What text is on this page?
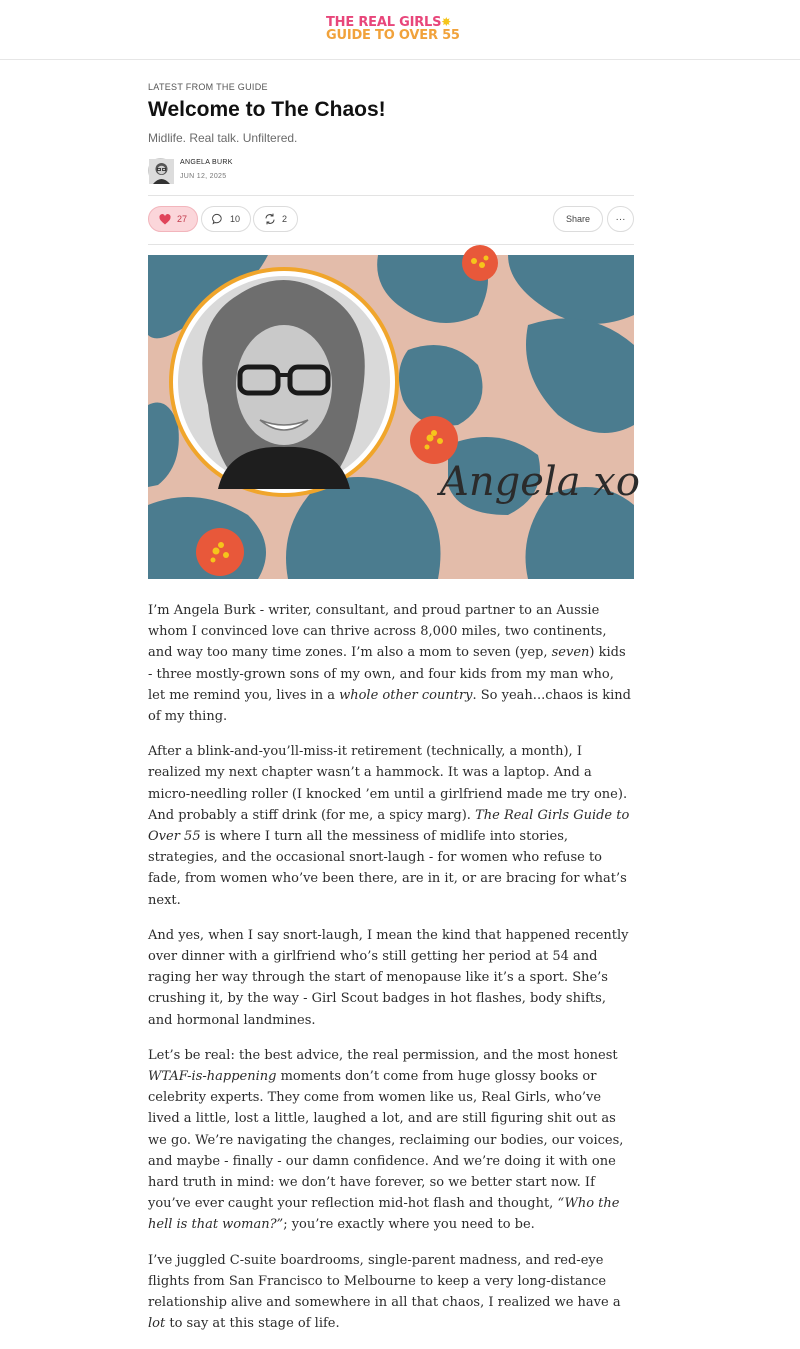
THE REAL GIRLS✸
GUIDE TO OVER 55
LATEST FROM THE GUIDE
Welcome to The Chaos!
Midlife. Real talk. Unfiltered.
ANGELA BURK
JUN 12, 2025
27	10	2	Share	···
Angela xo

I’m Angela Burk - writer, consultant, and proud partner to an Aussie whom I convinced love can thrive across 8,000 miles, two continents, and way too many time zones. I’m also a mom to seven (yep, seven) kids - three mostly-grown sons of my own, and four kids from my man who, let me remind you, lives in a whole other country. So yeah...chaos is kind of my thing.

After a blink-and-you’ll-miss-it retirement (technically, a month), I realized my next chapter wasn’t a hammock. It was a laptop. And a micro-needling roller (I knocked ’em until a girlfriend made me try one). And probably a stiff drink (for me, a spicy marg). The Real Girls Guide to Over 55 is where I turn all the messiness of midlife into stories, strategies, and the occasional snort-laugh - for women who refuse to fade, from women who’ve been there, are in it, or are bracing for what’s next.

And yes, when I say snort-laugh, I mean the kind that happened recently over dinner with a girlfriend who’s still getting her period at 54 and raging her way through the start of menopause like it’s a sport. She’s crushing it, by the way - Girl Scout badges in hot flashes, body shifts, and hormonal landmines.

Let’s be real: the best advice, the real permission, and the most honest WTAF-is-happening moments don’t come from huge glossy books or celebrity experts. They come from women like us, Real Girls, who’ve lived a little, lost a little, laughed a lot, and are still figuring shit out as we go. We’re navigating the changes, reclaiming our bodies, our voices, and maybe - finally - our damn confidence. And we’re doing it with one hard truth in mind: we don’t have forever, so we better start now. If you’ve ever caught your reflection mid-hot flash and thought, “Who the hell is that woman?”; you’re exactly where you need to be.

I’ve juggled C-suite boardrooms, single-parent madness, and red-eye flights from San Francisco to Melbourne to keep a very long-distance relationship alive and somewhere in all that chaos, I realized we have a lot to say at this stage of life.
